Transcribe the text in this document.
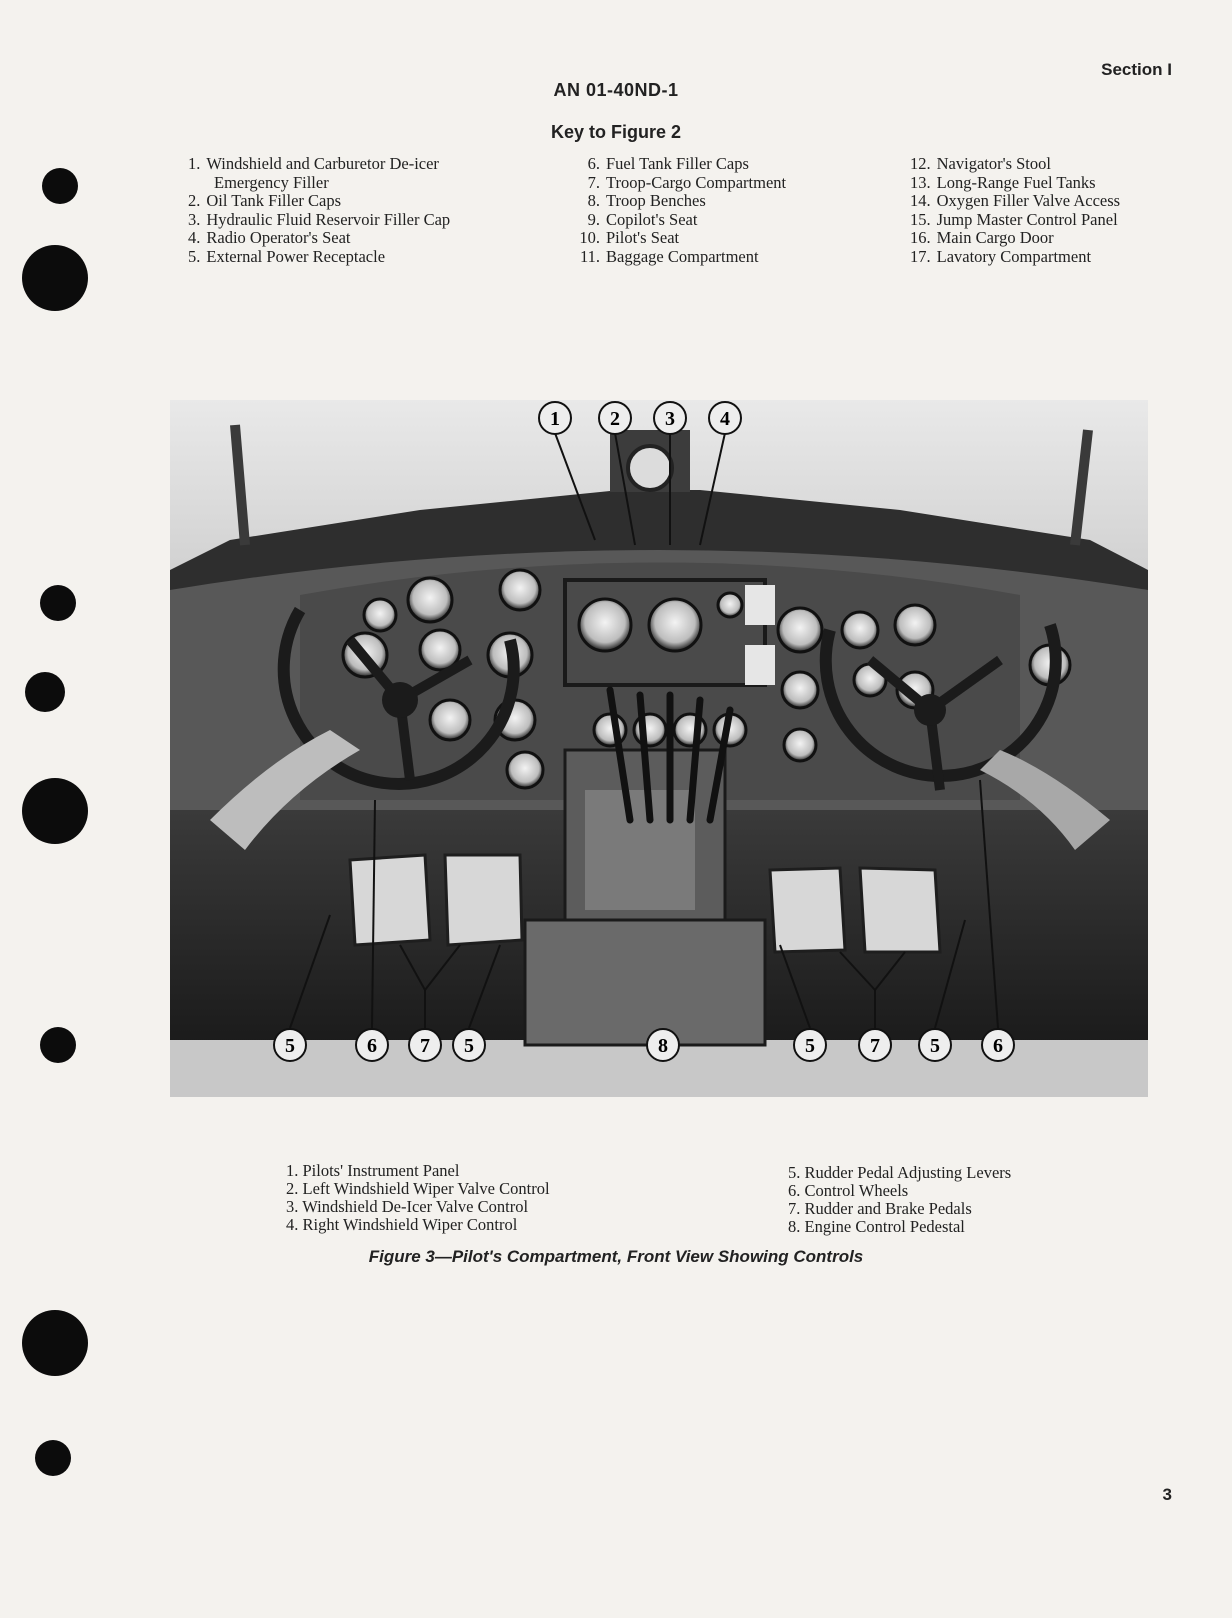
Section I
AN 01-40ND-1
Key to Figure 2
1. Windshield and Carburetor De-icer
Emergency Filler
2. Oil Tank Filler Caps
3. Hydraulic Fluid Reservoir Filler Cap
4. Radio Operator's Seat
5. External Power Receptacle
6. Fuel Tank Filler Caps
7. Troop-Cargo Compartment
8. Troop Benches
9. Copilot's Seat
10. Pilot's Seat
11. Baggage Compartment
12. Navigator's Stool
13. Long-Range Fuel Tanks
14. Oxygen Filler Valve Access
15. Jump Master Control Panel
16. Main Cargo Door
17. Lavatory Compartment
1	2 3 4
5	6 7 5	8	5	7	5	6
1. Pilots' Instrument Panel
2. Left Windshield Wiper Valve Control
3. Windshield De-Icer Valve Control
4. Right Windshield Wiper Control
5. Rudder Pedal Adjusting Levers
6. Control Wheels
7. Rudder and Brake Pedals
8. Engine Control Pedestal
Figure 3—Pilot's Compartment, Front View Showing Controls
3
